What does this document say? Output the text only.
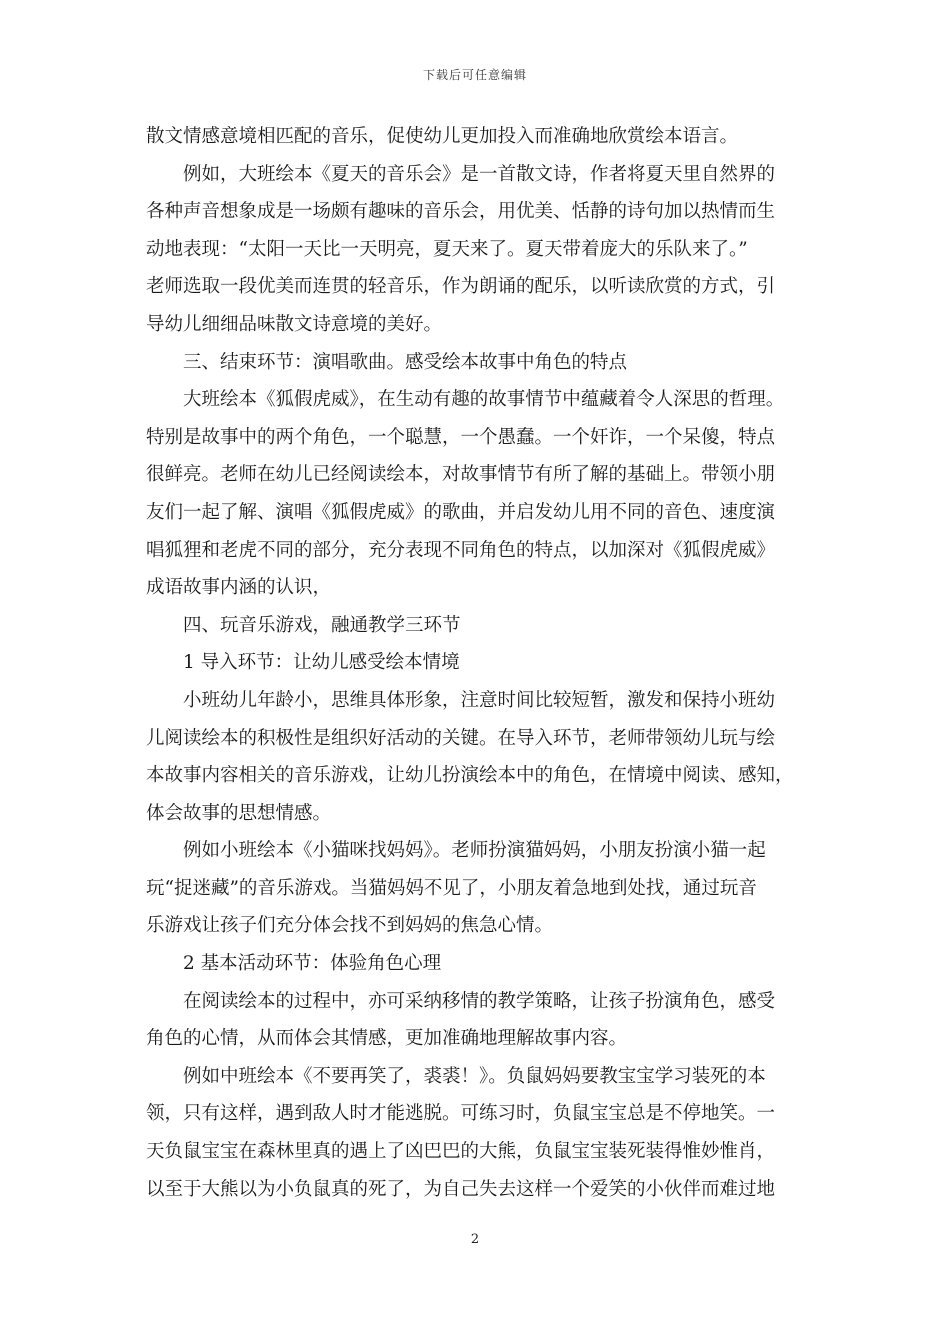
下载后可任意编辑
散文情感意境相匹配的音乐，促使幼儿更加投入而准确地欣赏绘本语言。
例如，大班绘本《夏天的音乐会》是一首散文诗，作者将夏天里自然界的
各种声音想象成是一场颇有趣味的音乐会，用优美、恬静的诗句加以热情而生
动地表现：“太阳一天比一天明亮，夏天来了。夏天带着庞大的乐队来了。”
老师选取一段优美而连贯的轻音乐，作为朗诵的配乐，以听读欣赏的方式，引
导幼儿细细品味散文诗意境的美好。
三、结束环节：演唱歌曲。感受绘本故事中角色的特点
大班绘本《狐假虎威》，在生动有趣的故事情节中蕴藏着令人深思的哲理。
特别是故事中的两个角色，一个聪慧，一个愚蠢。一个奸诈，一个呆傻，特点
很鲜亮。老师在幼儿已经阅读绘本，对故事情节有所了解的基础上。带领小朋
友们一起了解、演唱《狐假虎威》的歌曲，并启发幼儿用不同的音色、速度演
唱狐狸和老虎不同的部分，充分表现不同角色的特点，以加深对《狐假虎威》
成语故事内涵的认识，
四、玩音乐游戏，融通教学三环节
1 导入环节：让幼儿感受绘本情境
小班幼儿年龄小，思维具体形象，注意时间比较短暂，激发和保持小班幼
儿阅读绘本的积极性是组织好活动的关键。在导入环节，老师带领幼儿玩与绘
本故事内容相关的音乐游戏，让幼儿扮演绘本中的角色，在情境中阅读、感知，
体会故事的思想情感。
例如小班绘本《小猫咪找妈妈》。老师扮演猫妈妈，小朋友扮演小猫一起
玩“捉迷藏”的音乐游戏。当猫妈妈不见了，小朋友着急地到处找，通过玩音
乐游戏让孩子们充分体会找不到妈妈的焦急心情。
2 基本活动环节：体验角色心理
在阅读绘本的过程中，亦可采纳移情的教学策略，让孩子扮演角色，感受
角色的心情，从而体会其情感，更加准确地理解故事内容。
例如中班绘本《不要再笑了，裘裘！》。负鼠妈妈要教宝宝学习装死的本
领，只有这样，遇到敌人时才能逃脱。可练习时，负鼠宝宝总是不停地笑。一
天负鼠宝宝在森林里真的遇上了凶巴巴的大熊，负鼠宝宝装死装得惟妙惟肖，
以至于大熊以为小负鼠真的死了，为自己失去这样一个爱笑的小伙伴而难过地
2
